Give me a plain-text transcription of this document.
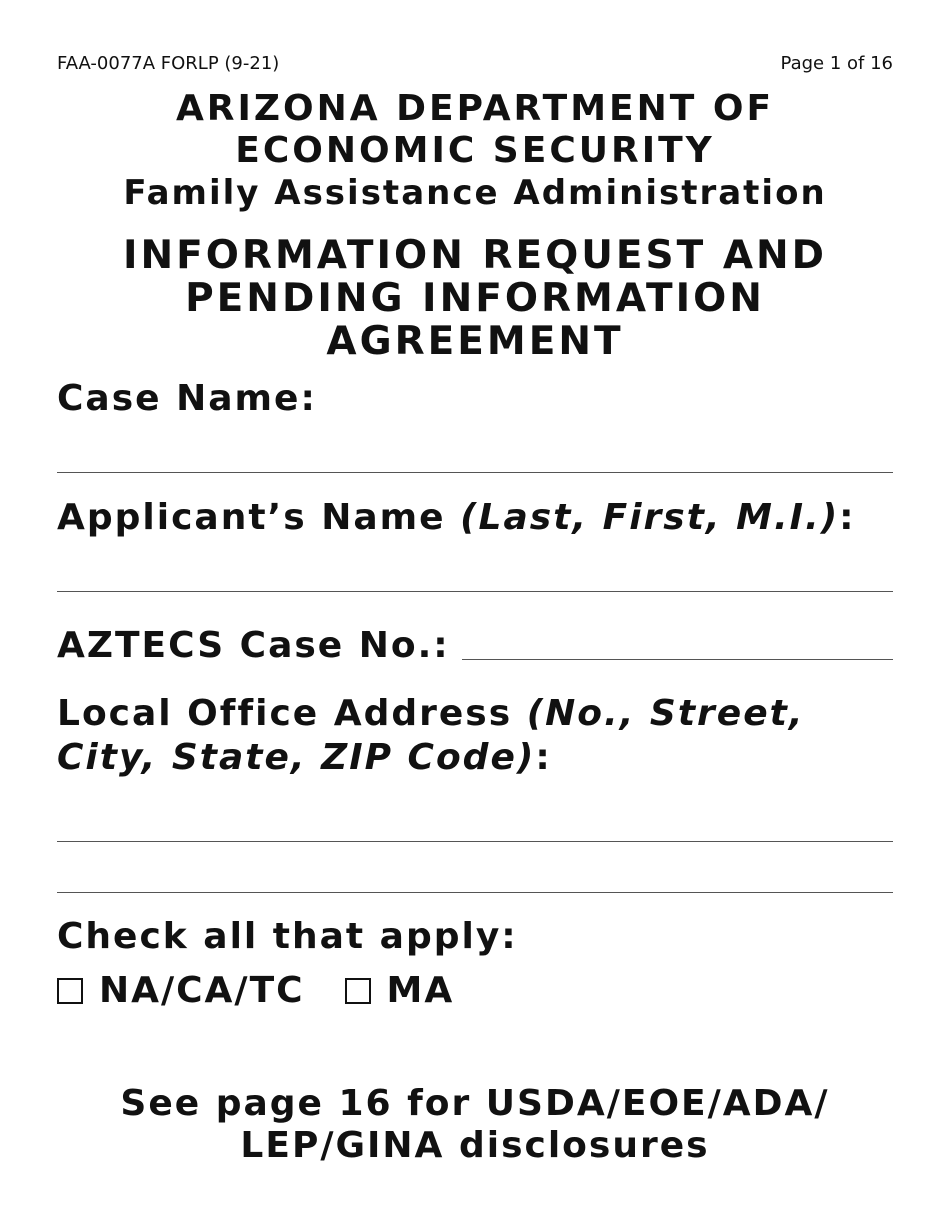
FAA-0077A FORLP (9-21)	Page 1 of 16

ARIZONA DEPARTMENT OF

ECONOMIC SECURITY

Family Assistance Administration

INFORMATION REQUEST AND

PENDING INFORMATION

AGREEMENT

Case Name:
Applicant’s Name (Last, First, M.I.):
AZTECS Case No.:
Local Office Address (No., Street, City, State, ZIP Code):
Check all that apply:
NA/CA/TC MA
See page 16 for USDA/EOE/ADA/
LEP/GINA disclosures
